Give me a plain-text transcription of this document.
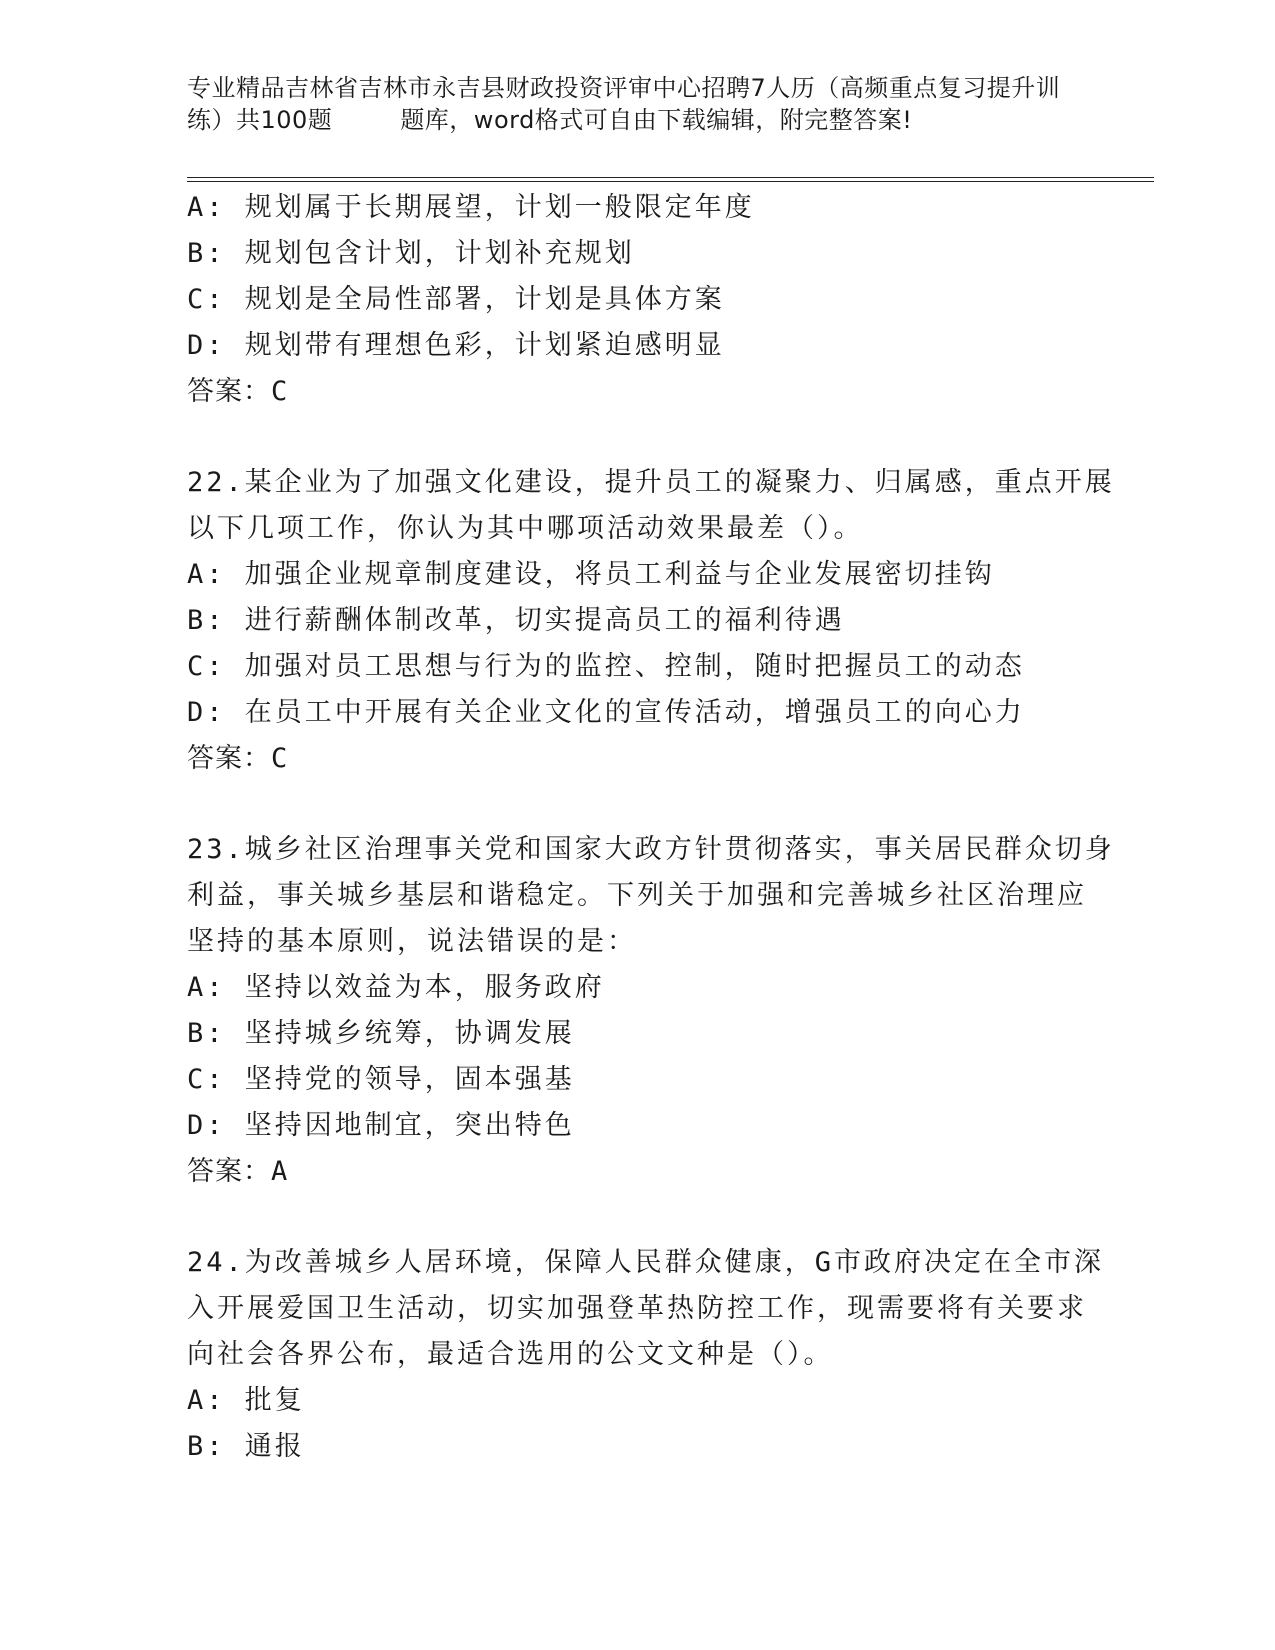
专业精品吉林省吉林市永吉县财政投资评审中心招聘7人历（高频重点复习提升训
练）共100题	题库，word格式可自由下载编辑，附完整答案!
A: 规划属于长期展望，计划一般限定年度
B: 规划包含计划，计划补充规划
C: 规划是全局性部署，计划是具体方案
D: 规划带有理想色彩，计划紧迫感明显
答案：C
22.某企业为了加强文化建设，提升员工的凝聚力、归属感，重点开展
以下几项工作，你认为其中哪项活动效果最差（）。
A: 加强企业规章制度建设，将员工利益与企业发展密切挂钩
B: 进行薪酬体制改革，切实提高员工的福利待遇
C: 加强对员工思想与行为的监控、控制，随时把握员工的动态
D: 在员工中开展有关企业文化的宣传活动，增强员工的向心力
答案：C
23.城乡社区治理事关党和国家大政方针贯彻落实，事关居民群众切身
利益，事关城乡基层和谐稳定。下列关于加强和完善城乡社区治理应
坚持的基本原则，说法错误的是：
A: 坚持以效益为本，服务政府
B: 坚持城乡统筹，协调发展
C: 坚持党的领导，固本强基
D: 坚持因地制宜，突出特色
答案：A
24.为改善城乡人居环境，保障人民群众健康，G市政府决定在全市深
入开展爱国卫生活动，切实加强登革热防控工作，现需要将有关要求
向社会各界公布，最适合选用的公文文种是（）。
A: 批复
B: 通报
